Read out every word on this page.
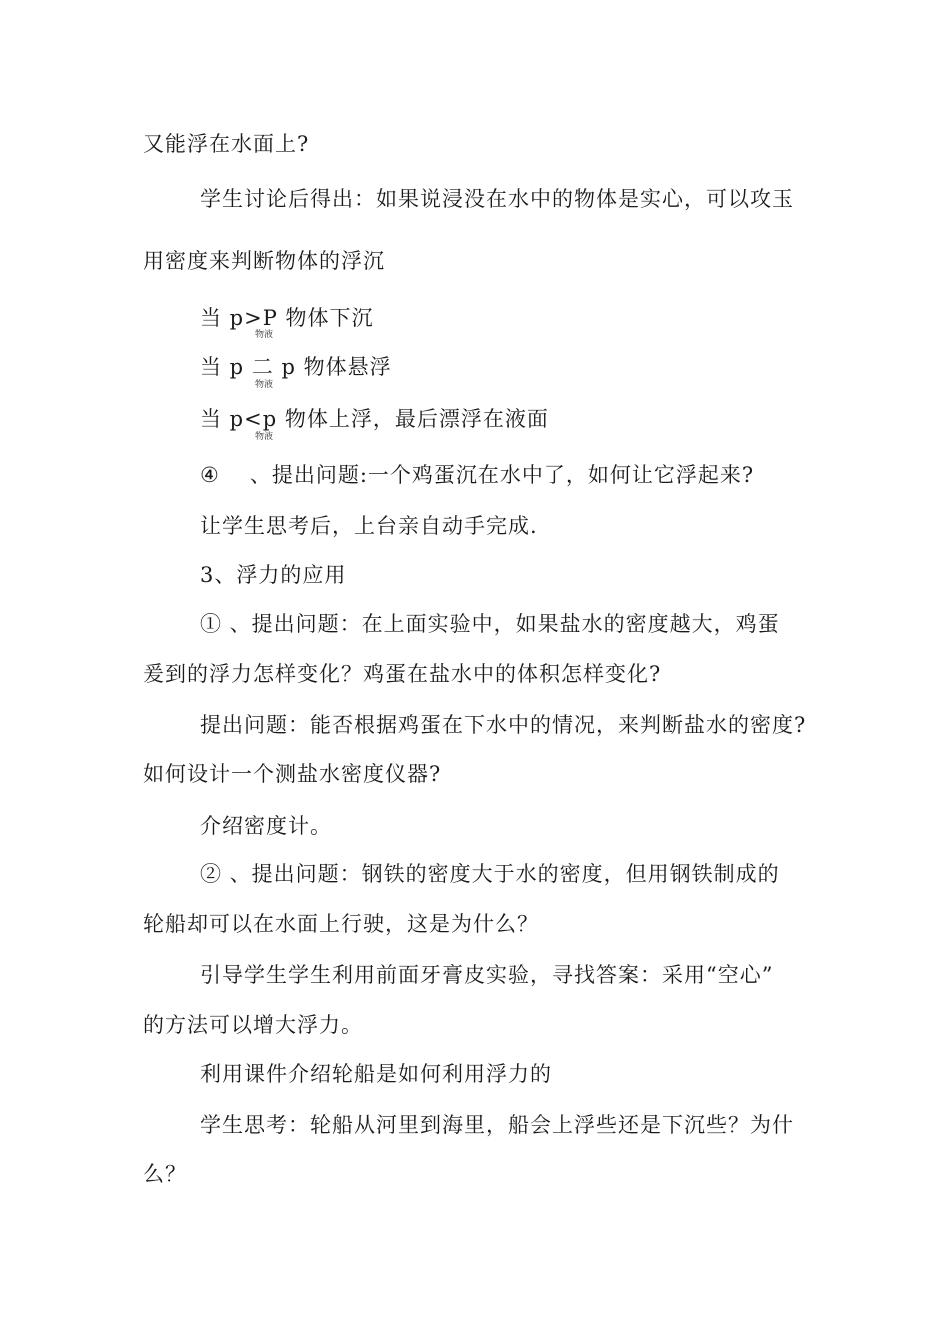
又能浮在水面上?
学生讨论后得出：如果说浸没在水中的物体是实心，可以攻玉
用密度来判断物体的浮沉
当 p>P 物体下沉
物液
当 p 二 p 物体悬浮
物液
当 p<p 物体上浮，最后漂浮在液面
物液
④ 、提出问题:一个鸡蛋沉在水中了，如何让它浮起来?
让学生思考后，上台亲自动手完成.
3、浮力的应用
① 、提出问题：在上面实验中，如果盐水的密度越大，鸡蛋
爰到的浮力怎样变化？鸡蛋在盐水中的体积怎样变化?
提出问题：能否根据鸡蛋在下水中的情况，来判断盐水的密度?
如何设计一个测盐水密度仪器?
介绍密度计。
② 、提出问题：钢铁的密度大于水的密度，但用钢铁制成的
轮船却可以在水面上行驶，这是为什么？
引导学生学生利用前面牙膏皮实验，寻找答案：采用“空心”
的方法可以增大浮力。
利用课件介绍轮船是如何利用浮力的
学生思考：轮船从河里到海里，船会上浮些还是下沉些？为什
么？
